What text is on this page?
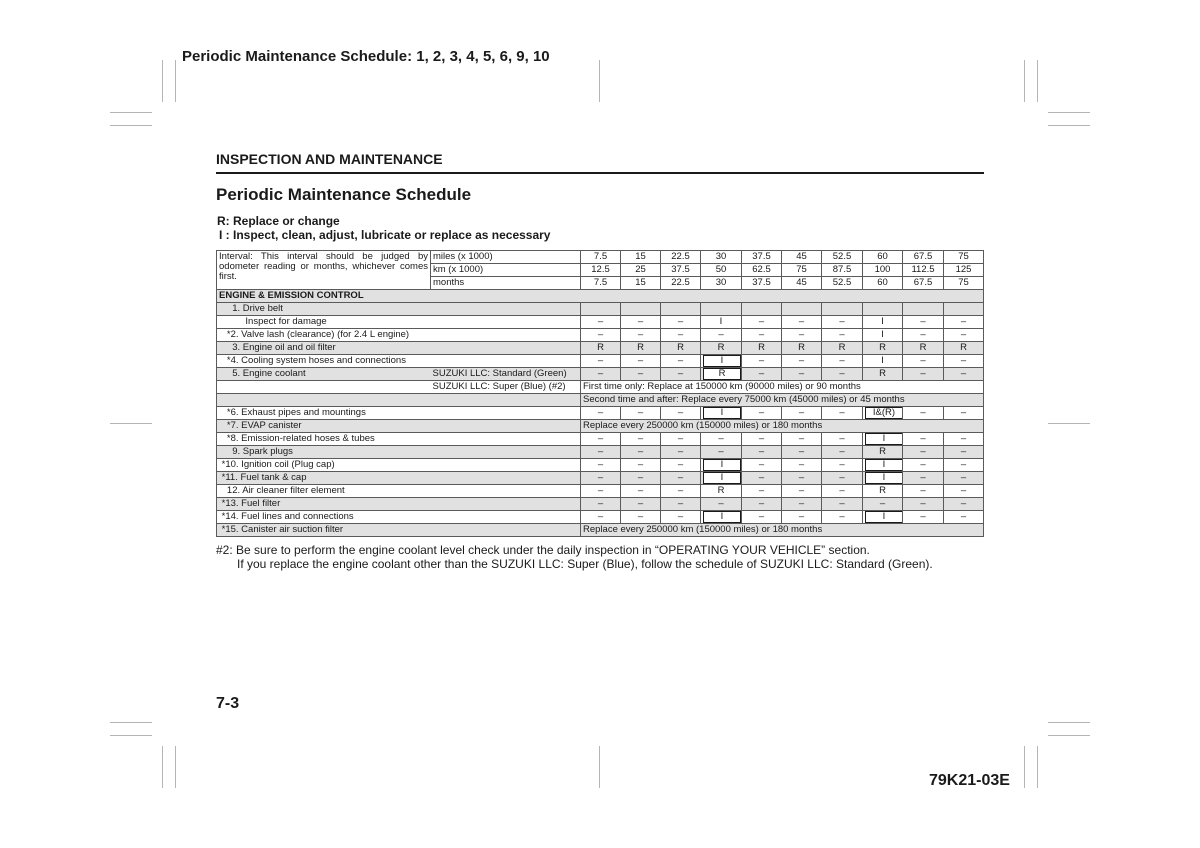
Periodic Maintenance Schedule: 1, 2, 3, 4, 5, 6, 9, 10
INSPECTION AND MAINTENANCE
Periodic Maintenance Schedule
R: Replace or change
I : Inspect, clean, adjust, lubricate or replace as necessary
Interval: This interval should be judged by odometer reading or months, whichever comes first.	miles (x 1000)	7.5	15	22.5	30	37.5	45	52.5	60	67.5	75
	km (x 1000)	12.5	25	37.5	50	62.5	75	87.5	100	112.5	125
	months	7.5	15	22.5	30	37.5	45	52.5	60	67.5	75
ENGINE & EMISSION CONTROL											
1. Drive belt											
Inspect for damage		–	–	–	I	–	–	–	I	–	–
*2. Valve lash (clearance) (for 2.4 L engine)		–	–	–	–	–	–	–	I	–	–
3. Engine oil and oil filter		R	R	R	R	R	R	R	R	R	R
*4. Cooling system hoses and connections		–	–	–	I	–	–	–	I	–	–
5. Engine coolant	SUZUKI LLC: Standard (Green)	–	–	–	R	–	–	–	R	–	–
	SUZUKI LLC: Super (Blue) (#2)	First time only: Replace at 150000 km (90000 miles) or 90 months									
		Second time and after: Replace every 75000 km (45000 miles) or 45 months									
*6. Exhaust pipes and mountings		–	–	–	I	–	–	–	I&(R)	–	–
*7. EVAP canister		Replace every 250000 km (150000 miles) or 180 months									
*8. Emission-related hoses & tubes		–	–	–	–	–	–	–	I	–	–
9. Spark plugs		–	–	–	–	–	–	–	R	–	–
*10. Ignition coil (Plug cap)		–	–	–	I	–	–	–	I	–	–
*11. Fuel tank & cap		–	–	–	I	–	–	–	I	–	–
12. Air cleaner filter element		–	–	–	R	–	–	–	R	–	–
*13. Fuel filter		–	–	–	–	–	–	–	–	–	–
*14. Fuel lines and connections		–	–	–	I	–	–	–	I	–	–
*15. Canister air suction filter		Replace every 250000 km (150000 miles) or 180 months									
#2: Be sure to perform the engine coolant level check under the daily inspection in “OPERATING YOUR VEHICLE” section.
If you replace the engine coolant other than the SUZUKI LLC: Super (Blue), follow the schedule of SUZUKI LLC: Standard (Green).
7-3
79K21-03E
